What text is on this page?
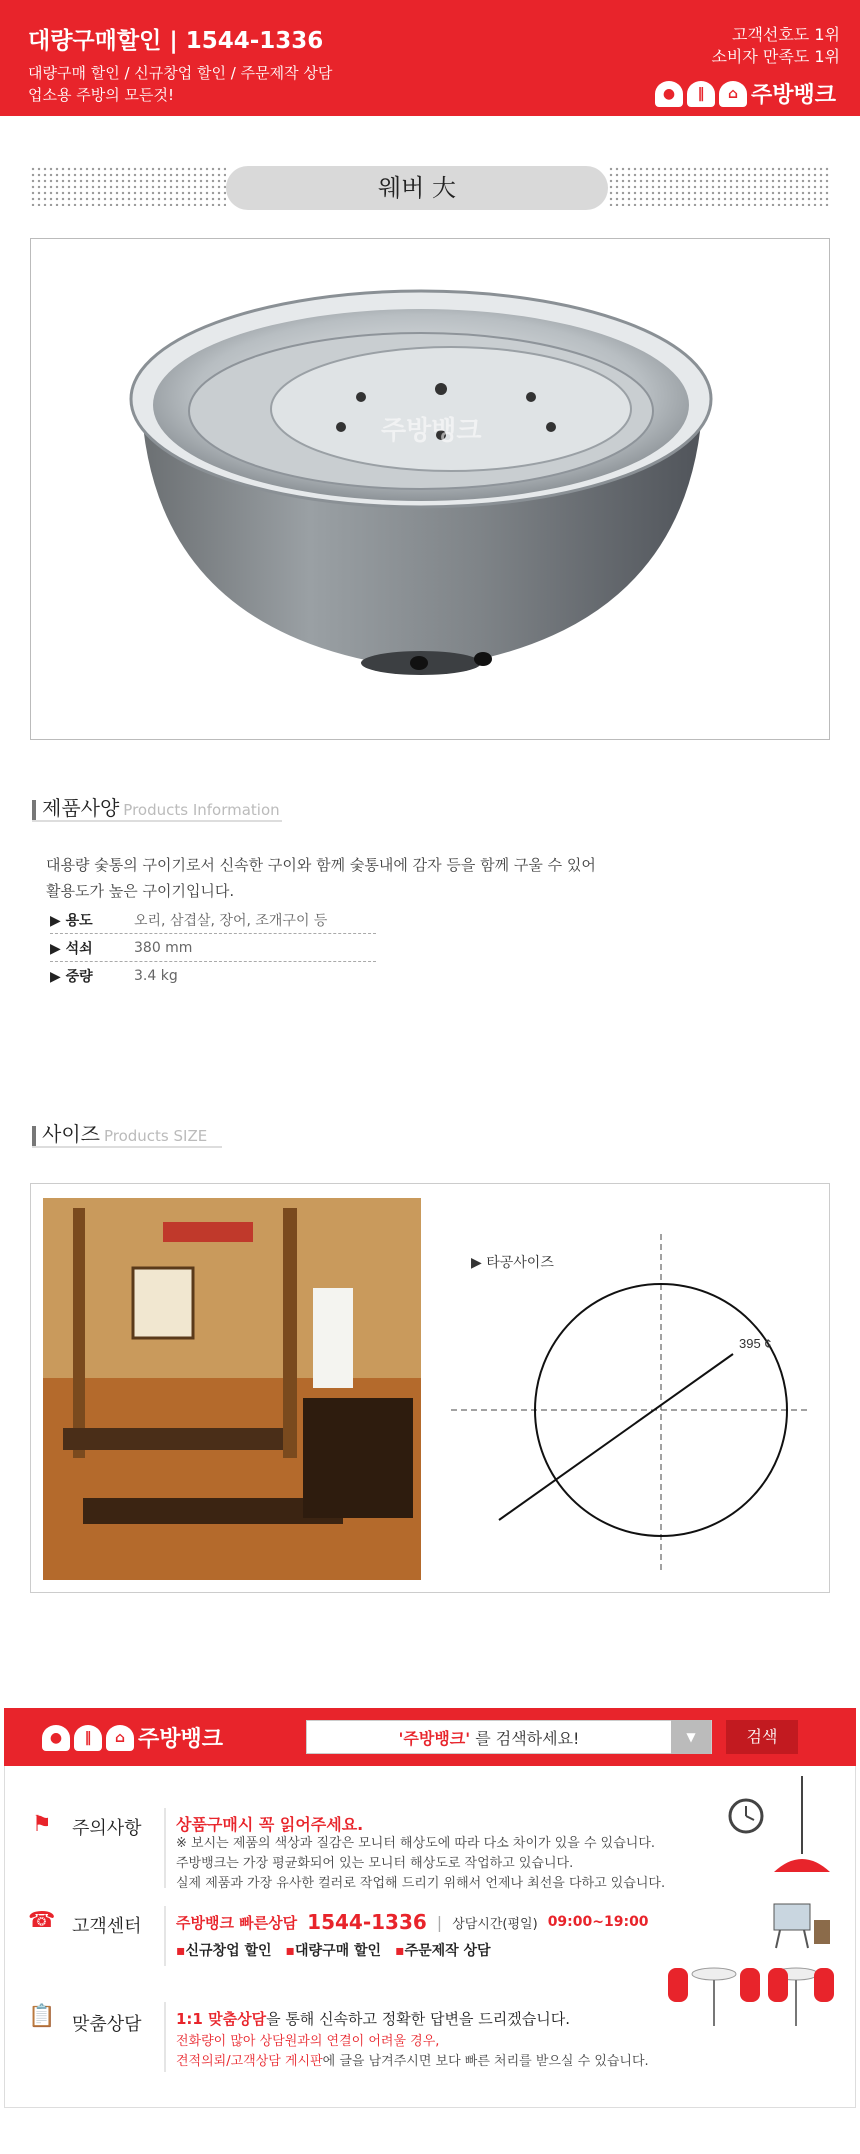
대량구매할인 | 1544-1336
대량구매 할인 / 신규창업 할인 / 주문제작 상담
업소용 주방의 모든것!
고객선호도 1위
소비자 만족도 1위
●	‖	⌂ 주방뱅크
웨버 大
주방뱅크
제품사양 Products Information
대용량 숯통의 구이기로서 신속한 구이와 함께 숯통내에 감자 등을 함께 구울 수 있어
활용도가 높은 구이기입니다.
▶ 용도	오리, 삼겹살, 장어, 조개구이 등
▶ 석쇠	380 mm
▶ 중량	3.4 kg
사이즈 Products SIZE
▶ 타공사이즈
395 ¢
●	‖	⌂ 주방뱅크	'주방뱅크' 를 검색하세요!	▼	검색
⚑ 주의사항 상품구매시 꼭 읽어주세요.
※ 보시는 제품의 색상과 질감은 모니터 해상도에 따라 다소 차이가 있을 수 있습니다.
주방뱅크는 가장 평균화되어 있는 모니터 해상도로 작업하고 있습니다.
실제 제품과 가장 유사한 컬러로 작업해 드리기 위해서 언제나 최선을 다하고 있습니다.
☎ 고객센터 주방뱅크 빠른상담 1544-1336 | 상담시간(평일) 09:00~19:00
▪신규창업 할인 ▪대량구매 할인 ▪주문제작 상담
📋 맞춤상담 1:1 맞춤상담을 통해 신속하고 정확한 답변을 드리겠습니다.
전화량이 많아 상담원과의 연결이 어려울 경우,
견적의뢰/고객상담 게시판에 글을 남겨주시면 보다 빠른 처리를 받으실 수 있습니다.
